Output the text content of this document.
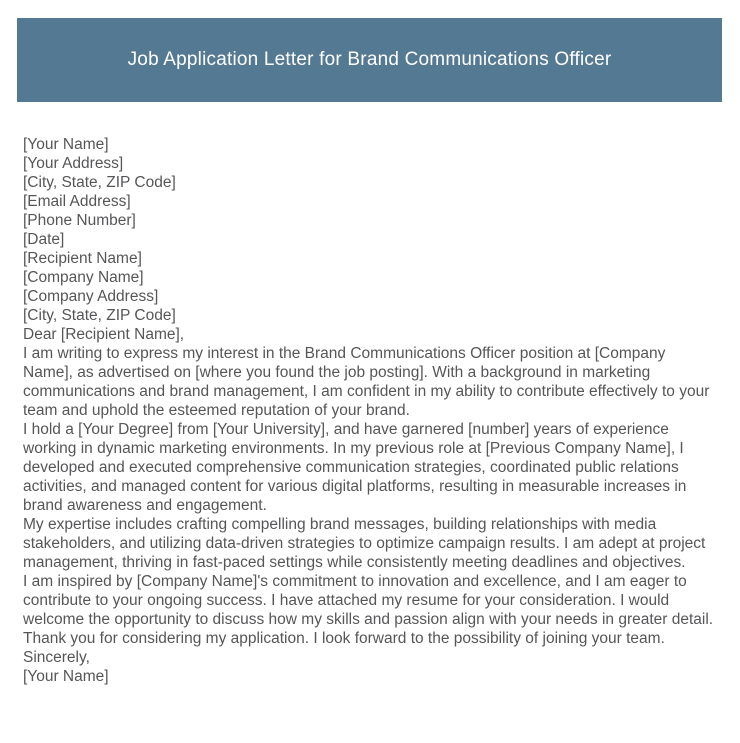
Job Application Letter for Brand Communications Officer

[Your Name]

[Your Address]

[City, State, ZIP Code]

[Email Address]

[Phone Number]

[Date]

[Recipient Name]

[Company Name]

[Company Address]

[City, State, ZIP Code]

Dear [Recipient Name],

I am writing to express my interest in the Brand Communications Officer position at [Company Name], as advertised on [where you found the job posting]. With a background in marketing communications and brand management, I am confident in my ability to contribute effectively to your team and uphold the esteemed reputation of your brand.

I hold a [Your Degree] from [Your University], and have garnered [number] years of experience working in dynamic marketing environments. In my previous role at [Previous Company Name], I developed and executed comprehensive communication strategies, coordinated public relations activities, and managed content for various digital platforms, resulting in measurable increases in brand awareness and engagement.

My expertise includes crafting compelling brand messages, building relationships with media stakeholders, and utilizing data-driven strategies to optimize campaign results. I am adept at project management, thriving in fast-paced settings while consistently meeting deadlines and objectives.

I am inspired by [Company Name]'s commitment to innovation and excellence, and I am eager to contribute to your ongoing success. I have attached my resume for your consideration. I would welcome the opportunity to discuss how my skills and passion align with your needs in greater detail.

Thank you for considering my application. I look forward to the possibility of joining your team.

Sincerely,

[Your Name]
